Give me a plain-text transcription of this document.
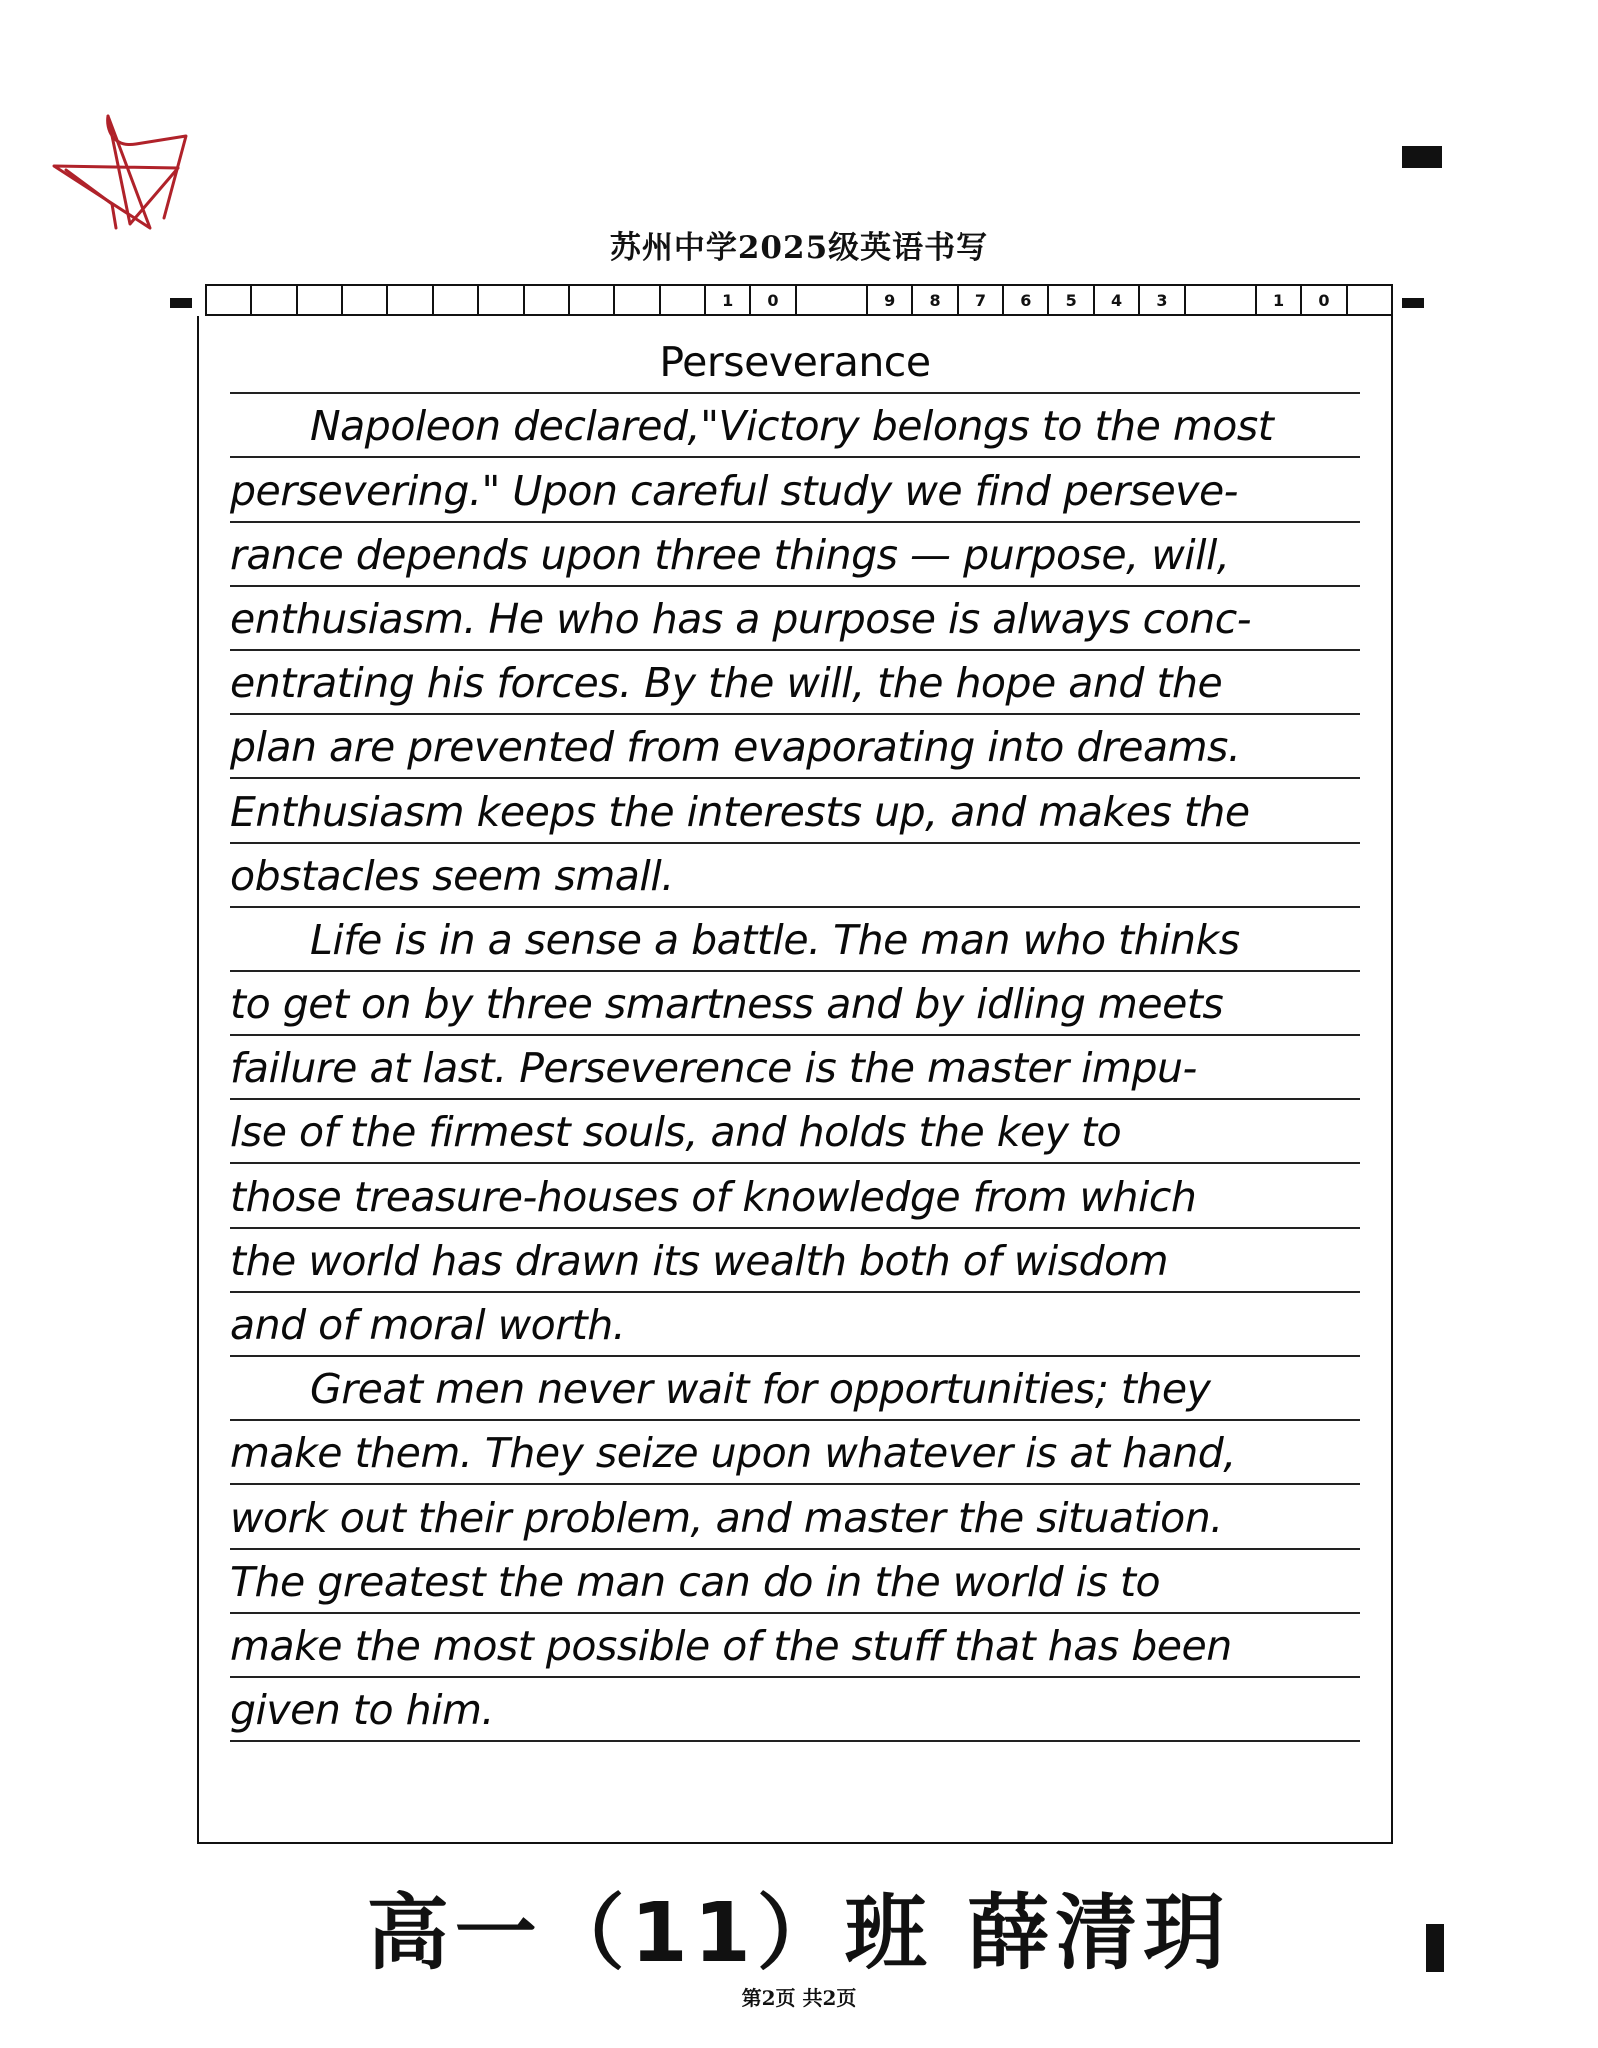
苏州中学2025级英语书写
1	0	9	8	7	6	5	4	3	1	0
Perseverance
Napoleon declared,"Victory belongs to the most
persevering." Upon careful study we find perseve-
rance depends upon three things — purpose, will,
enthusiasm. He who has a purpose is always conc-
entrating his forces. By the will, the hope and the
plan are prevented from evaporating into dreams.
Enthusiasm keeps the interests up, and makes the
obstacles seem small.
Life is in a sense a battle. The man who thinks
to get on by three smartness and by idling meets
failure at last. Perseverence is the master impu-
lse of the firmest souls, and holds the key to
those treasure-houses of knowledge from which
the world has drawn its wealth both of wisdom
and of moral worth.
Great men never wait for opportunities; they
make them. They seize upon whatever is at hand,
work out their problem, and master the situation.
The greatest the man can do in the world is to
make the most possible of the stuff that has been
given to him.
高一（11）班 薛清玥
第2页 共2页
